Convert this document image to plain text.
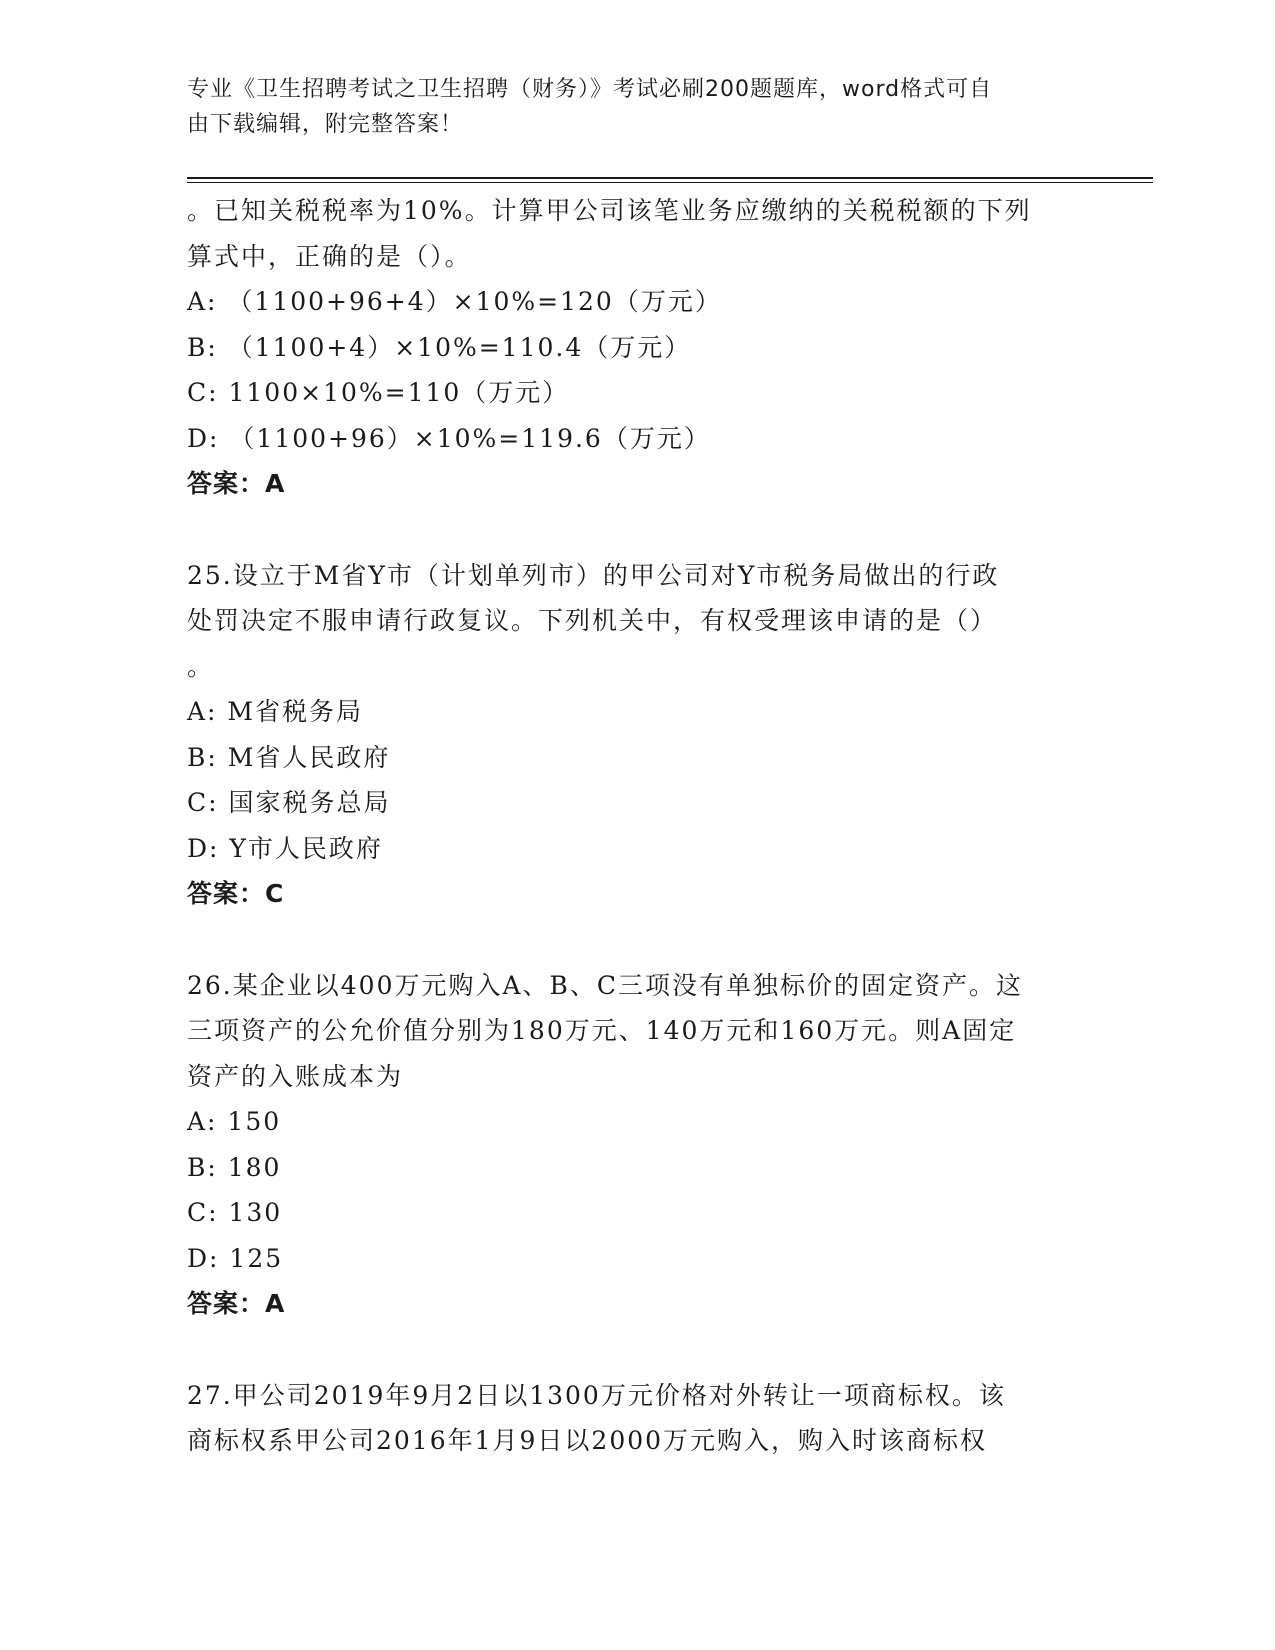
专业《卫生招聘考试之卫生招聘（财务）》考试必刷200题题库，word格式可自
由下载编辑，附完整答案！
。已知关税税率为10%。计算甲公司该笔业务应缴纳的关税税额的下列
算式中，正确的是（）。
A: （1100+96+4）×10%=120（万元）
B: （1100+4）×10%=110.4（万元）
C: 1100×10%=110（万元）
D: （1100+96）×10%=119.6（万元）
答案：A
25.设立于M省Y市（计划单列市）的甲公司对Y市税务局做出的行政
处罚决定不服申请行政复议。下列机关中，有权受理该申请的是（）
。
A: M省税务局
B: M省人民政府
C: 国家税务总局
D: Y市人民政府
答案：C
26.某企业以400万元购入A、B、C三项没有单独标价的固定资产。这
三项资产的公允价值分别为180万元、140万元和160万元。则A固定
资产的入账成本为
A: 150
B: 180
C: 130
D: 125
答案：A
27.甲公司2019年9月2日以1300万元价格对外转让一项商标权。该
商标权系甲公司2016年1月9日以2000万元购入，购入时该商标权
